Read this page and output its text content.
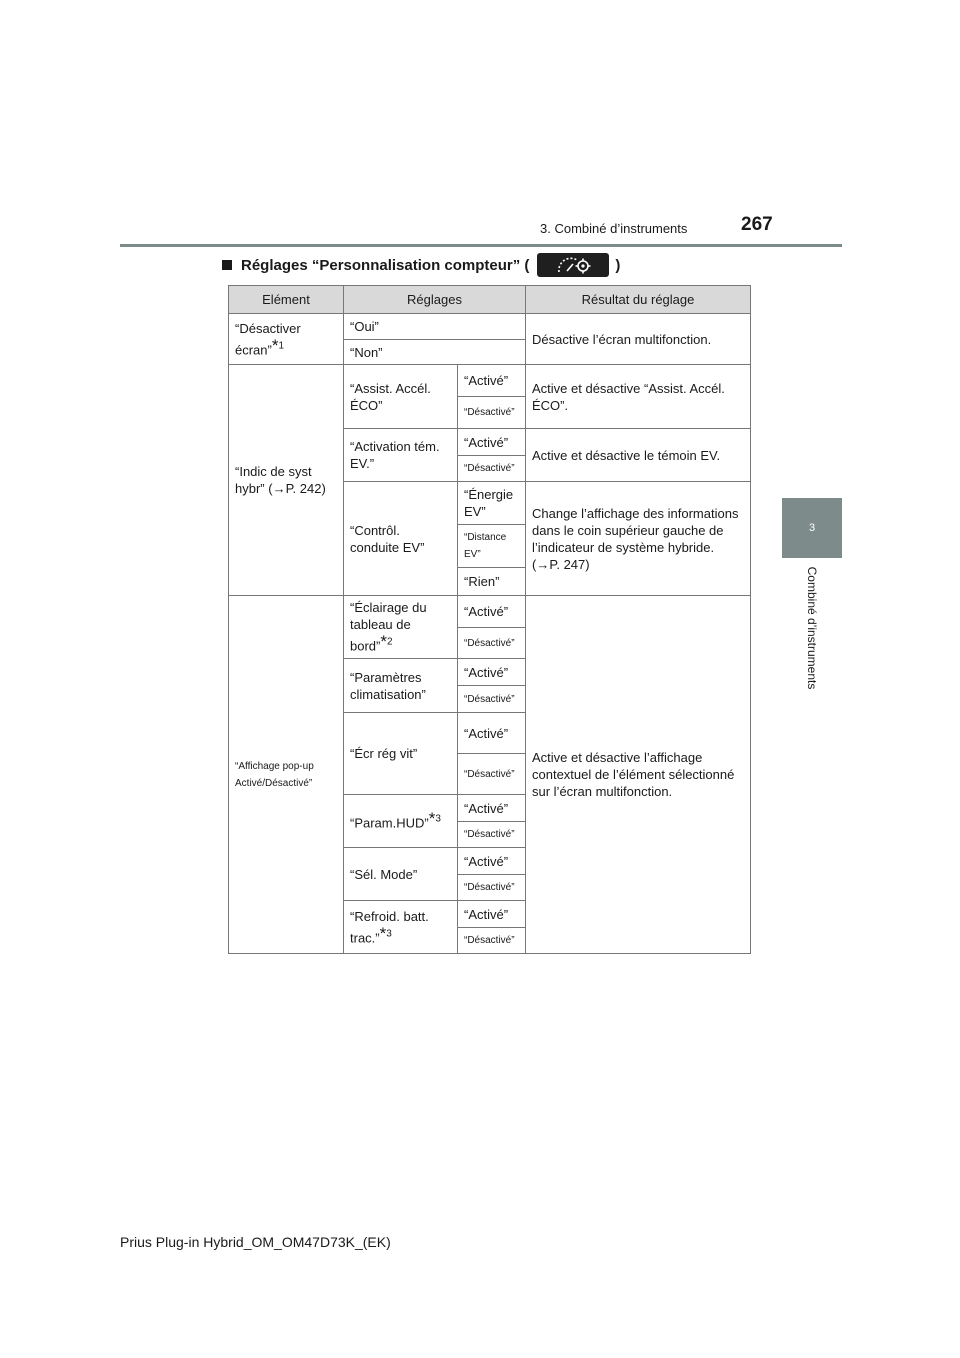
3. Combiné d’instruments	267
3
Combiné d’instruments
Réglages “Personnalisation compteur” (	)
Elément	Réglages		Résultat du réglage
“Désactiver écran”*$^1$	“Oui”		Désactive l’écran multifonction.
	“Non”		
“Indic de syst hybr” (→P. 242)	“Assist. Accél. ÉCO”	“Activé”	Active et désactive “Assist. Accél. ÉCO”.
		“Désactivé”	
	“Activation tém. EV.”	“Activé”	Active et désactive le témoin EV.
		“Désactivé”	
	“Contrôl. conduite EV”	“Énergie EV”	Change l’affichage des informations dans le coin supérieur gauche de l’indicateur de système hybride. (→P. 247)
		“Distance EV”	
		“Rien”	
“Affichage pop-up Activé/Désactivé”	“Éclairage du tableau de bord”*$^2$	“Activé”	Active et désactive l’affichage contextuel de l’élément sélectionné sur l’écran multifonction.
		“Désactivé”	
	“Paramètres climatisation”	“Activé”	
		“Désactivé”	
	“Écr rég vit”	“Activé”	
		“Désactivé”	
	“Param.HUD”*$^3$	“Activé”	
		“Désactivé”	
	“Sél. Mode”	“Activé”	
		“Désactivé”	
	“Refroid. batt. trac.”*$^3$	“Activé”	
		“Désactivé”	
Prius Plug-in Hybrid_OM_OM47D73K_(EK)
